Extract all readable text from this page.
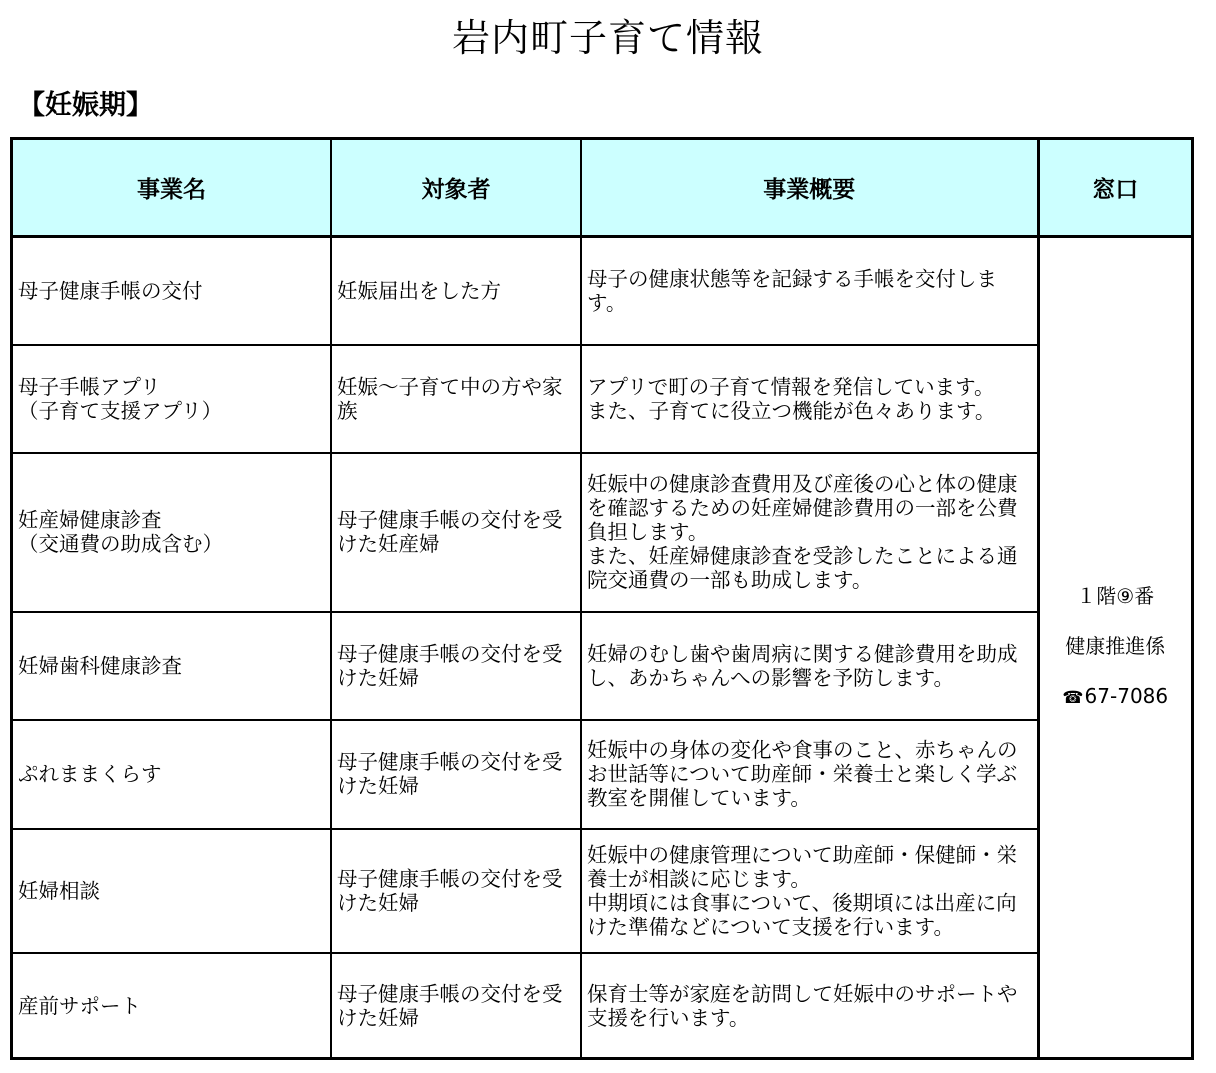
岩内町子育て情報
【妊娠期】
事業名	対象者	事業概要	窓口
母子健康手帳の交付	妊娠届出をした方	母子の健康状態等を記録する手帳を交付します。	１階⑨番

健康推進係

☎67-7086

母子手帳アプリ
（子育て支援アプリ）	妊娠～子育て中の方や家族	アプリで町の子育て情報を発信しています。
また、子育てに役立つ機能が色々あります。	
妊産婦健康診査
（交通費の助成含む）	母子健康手帳の交付を受けた妊産婦	妊娠中の健康診査費用及び産後の心と体の健康を確認するための妊産婦健診費用の一部を公費負担します。
また、妊産婦健康診査を受診したことによる通院交通費の一部も助成します。	
妊婦歯科健康診査	母子健康手帳の交付を受けた妊婦	妊婦のむし歯や歯周病に関する健診費用を助成し、あかちゃんへの影響を予防します。	
ぷれままくらす	母子健康手帳の交付を受けた妊婦	妊娠中の身体の変化や食事のこと、赤ちゃんのお世話等について助産師・栄養士と楽しく学ぶ教室を開催しています。	
妊婦相談	母子健康手帳の交付を受けた妊婦	妊娠中の健康管理について助産師・保健師・栄養士が相談に応じます。
中期頃には食事について、後期頃には出産に向けた準備などについて支援を行います。	
産前サポート	母子健康手帳の交付を受けた妊婦	保育士等が家庭を訪問して妊娠中のサポートや支援を行います。	
